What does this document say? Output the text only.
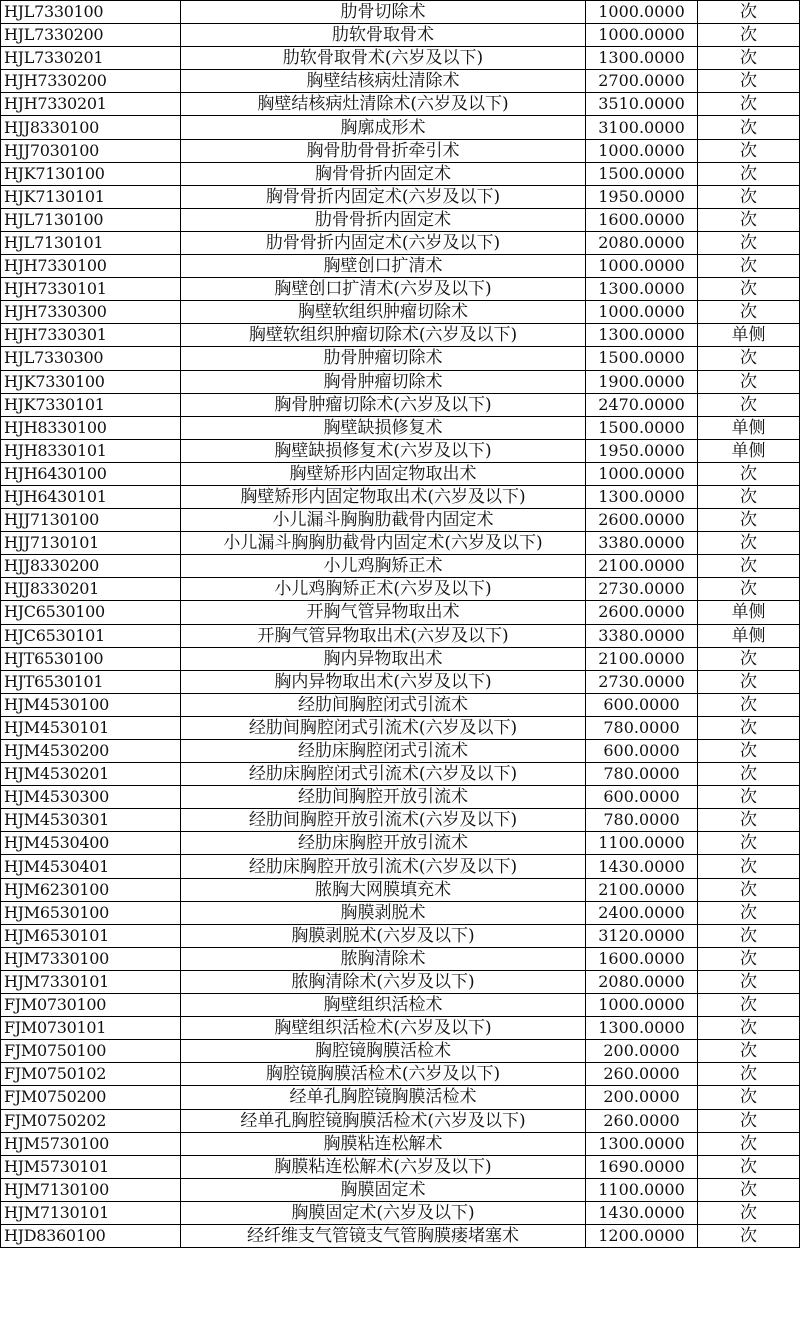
HJL7330100	肋骨切除术	1000.0000	次
HJL7330200	肋软骨取骨术	1000.0000	次
HJL7330201	肋软骨取骨术(六岁及以下)	1300.0000	次
HJH7330200	胸壁结核病灶清除术	2700.0000	次
HJH7330201	胸壁结核病灶清除术(六岁及以下)	3510.0000	次
HJJ8330100	胸廓成形术	3100.0000	次
HJJ7030100	胸骨肋骨骨折牵引术	1000.0000	次
HJK7130100	胸骨骨折内固定术	1500.0000	次
HJK7130101	胸骨骨折内固定术(六岁及以下)	1950.0000	次
HJL7130100	肋骨骨折内固定术	1600.0000	次
HJL7130101	肋骨骨折内固定术(六岁及以下)	2080.0000	次
HJH7330100	胸壁创口扩清术	1000.0000	次
HJH7330101	胸壁创口扩清术(六岁及以下)	1300.0000	次
HJH7330300	胸壁软组织肿瘤切除术	1000.0000	次
HJH7330301	胸壁软组织肿瘤切除术(六岁及以下)	1300.0000	单侧
HJL7330300	肋骨肿瘤切除术	1500.0000	次
HJK7330100	胸骨肿瘤切除术	1900.0000	次
HJK7330101	胸骨肿瘤切除术(六岁及以下)	2470.0000	次
HJH8330100	胸壁缺损修复术	1500.0000	单侧
HJH8330101	胸壁缺损修复术(六岁及以下)	1950.0000	单侧
HJH6430100	胸壁矫形内固定物取出术	1000.0000	次
HJH6430101	胸壁矫形内固定物取出术(六岁及以下)	1300.0000	次
HJJ7130100	小儿漏斗胸胸肋截骨内固定术	2600.0000	次
HJJ7130101	小儿漏斗胸胸肋截骨内固定术(六岁及以下)	3380.0000	次
HJJ8330200	小儿鸡胸矫正术	2100.0000	次
HJJ8330201	小儿鸡胸矫正术(六岁及以下)	2730.0000	次
HJC6530100	开胸气管异物取出术	2600.0000	单侧
HJC6530101	开胸气管异物取出术(六岁及以下)	3380.0000	单侧
HJT6530100	胸内异物取出术	2100.0000	次
HJT6530101	胸内异物取出术(六岁及以下)	2730.0000	次
HJM4530100	经肋间胸腔闭式引流术	600.0000	次
HJM4530101	经肋间胸腔闭式引流术(六岁及以下)	780.0000	次
HJM4530200	经肋床胸腔闭式引流术	600.0000	次
HJM4530201	经肋床胸腔闭式引流术(六岁及以下)	780.0000	次
HJM4530300	经肋间胸腔开放引流术	600.0000	次
HJM4530301	经肋间胸腔开放引流术(六岁及以下)	780.0000	次
HJM4530400	经肋床胸腔开放引流术	1100.0000	次
HJM4530401	经肋床胸腔开放引流术(六岁及以下)	1430.0000	次
HJM6230100	脓胸大网膜填充术	2100.0000	次
HJM6530100	胸膜剥脱术	2400.0000	次
HJM6530101	胸膜剥脱术(六岁及以下)	3120.0000	次
HJM7330100	脓胸清除术	1600.0000	次
HJM7330101	脓胸清除术(六岁及以下)	2080.0000	次
FJM0730100	胸壁组织活检术	1000.0000	次
FJM0730101	胸壁组织活检术(六岁及以下)	1300.0000	次
FJM0750100	胸腔镜胸膜活检术	200.0000	次
FJM0750102	胸腔镜胸膜活检术(六岁及以下)	260.0000	次
FJM0750200	经单孔胸腔镜胸膜活检术	200.0000	次
FJM0750202	经单孔胸腔镜胸膜活检术(六岁及以下)	260.0000	次
HJM5730100	胸膜粘连松解术	1300.0000	次
HJM5730101	胸膜粘连松解术(六岁及以下)	1690.0000	次
HJM7130100	胸膜固定术	1100.0000	次
HJM7130101	胸膜固定术(六岁及以下)	1430.0000	次
HJD8360100	经纤维支气管镜支气管胸膜瘘堵塞术	1200.0000	次
